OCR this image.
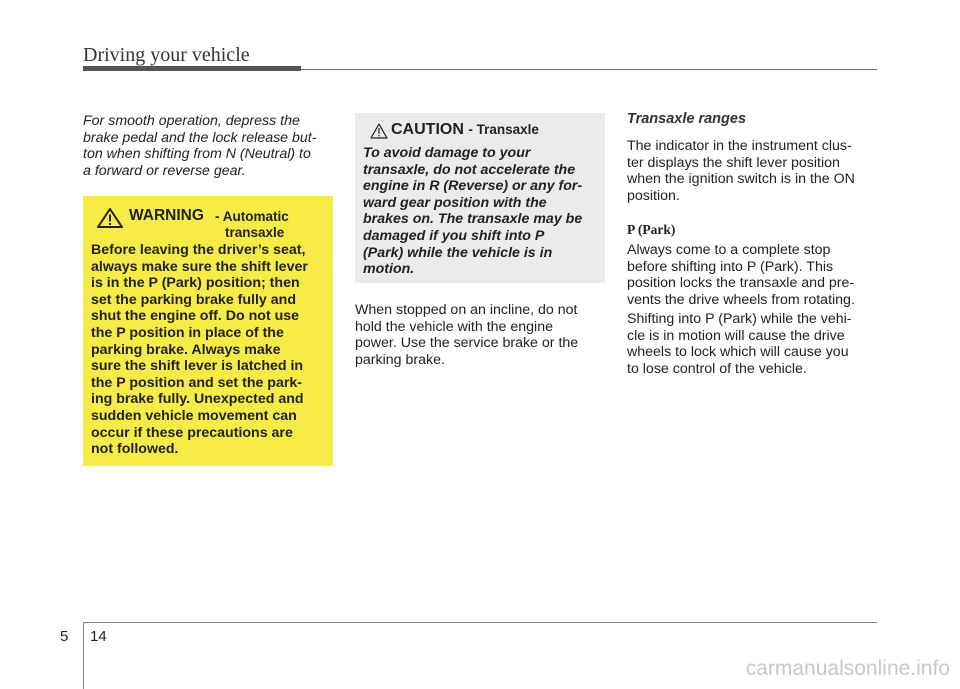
Driving your vehicle
For smooth operation, depress the
brake pedal and the lock release but-
ton when shifting from N (Neutral) to
a forward or reverse gear.
WARNING - Automatic
transaxle
Before leaving the driver’s seat,
always make sure the shift lever
is in the P (Park) position; then
set the parking brake fully and
shut the engine off. Do not use
the P position in place of the
parking brake. Always make
sure the shift lever is latched in
the P position and set the park-
ing brake fully. Unexpected and
sudden vehicle movement can
occur if these precautions are
not followed.
CAUTION - Transaxle
To avoid damage to your
transaxle, do not accelerate the
engine in R (Reverse) or any for-
ward gear position with the
brakes on. The transaxle may be
damaged if you shift into P
(Park) while the vehicle is in
motion.
When stopped on an incline, do not
hold the vehicle with the engine
power. Use the service brake or the
parking brake.
Transaxle ranges
The indicator in the instrument clus-
ter displays the shift lever position
when the ignition switch is in the ON
position.
P (Park)
Always come to a complete stop
before shifting into P (Park). This
position locks the transaxle and pre-
vents the drive wheels from rotating.
Shifting into P (Park) while the vehi-
cle is in motion will cause the drive
wheels to lock which will cause you
to lose control of the vehicle.
5 14
carmanualsonline.info
